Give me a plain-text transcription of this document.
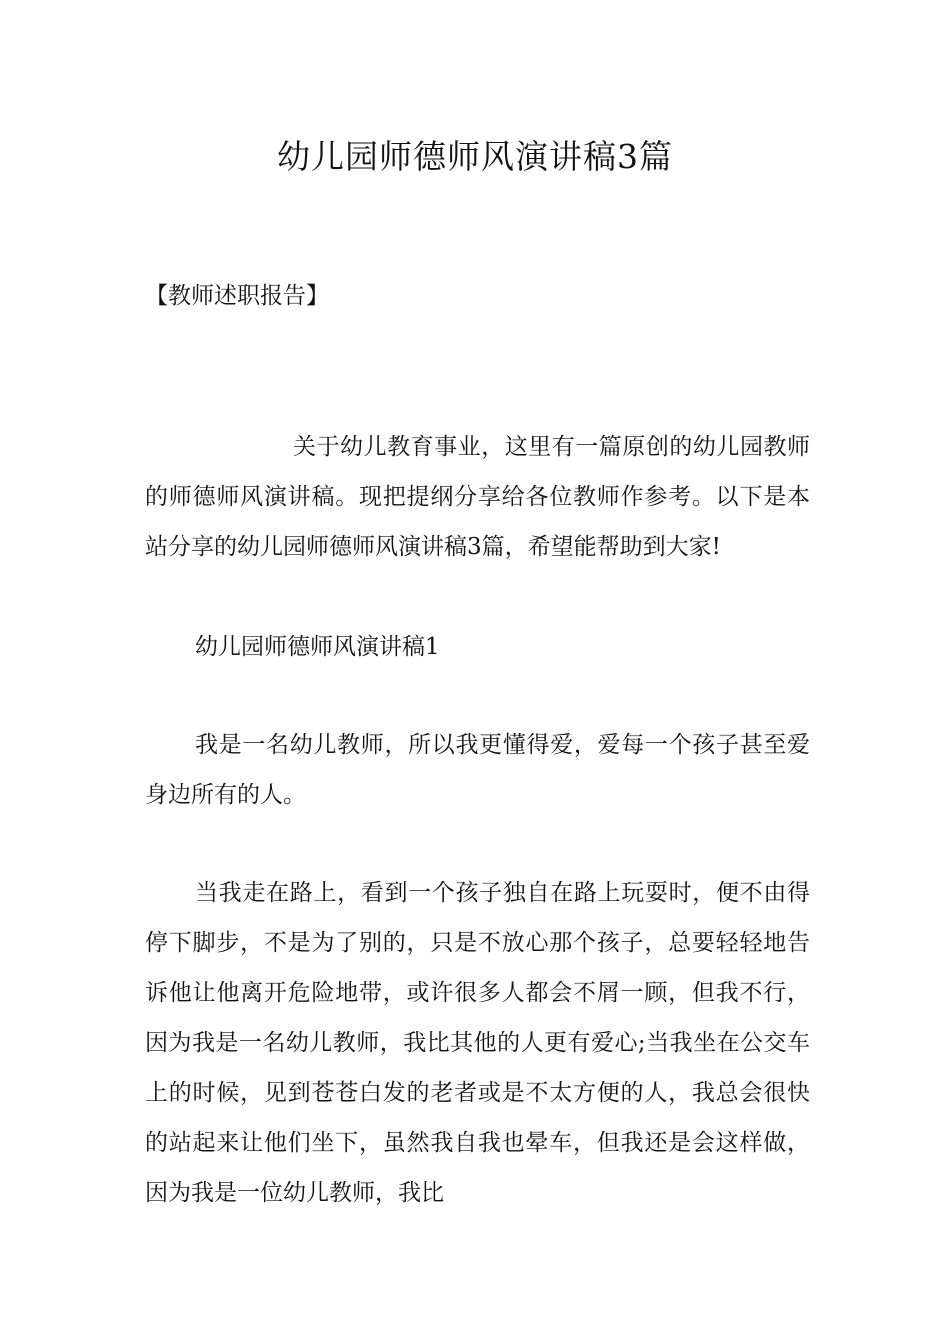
幼儿园师德师风演讲稿3篇

【教师述职报告】

关于幼儿教育事业，这里有一篇原创的幼儿园教师的师德师风演讲稿。现把提纲分享给各位教师作参考。以下是本站分享的幼儿园师德师风演讲稿3篇，希望能帮助到大家!

幼儿园师德师风演讲稿1

我是一名幼儿教师，所以我更懂得爱，爱每一个孩子甚至爱身边所有的人。

当我走在路上，看到一个孩子独自在路上玩耍时，便不由得停下脚步，不是为了别的，只是不放心那个孩子，总要轻轻地告诉他让他离开危险地带，或许很多人都会不屑一顾，但我不行，因为我是一名幼儿教师，我比其他的人更有爱心;当我坐在公交车上的时候，见到苍苍白发的老者或是不太方便的人，我总会很快的站起来让他们坐下，虽然我自我也晕车，但我还是会这样做，因为我是一位幼儿教师，我比
